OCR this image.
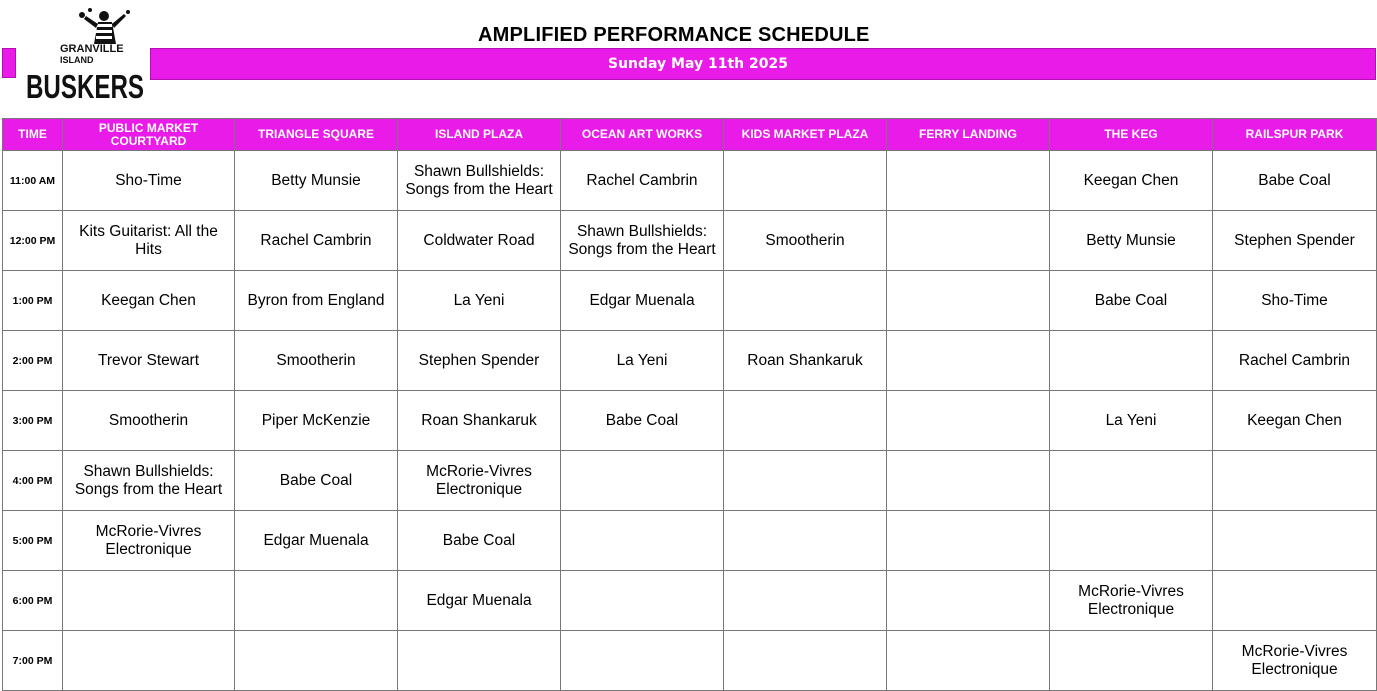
GRANVILLE
ISLAND
BUSKERS
AMPLIFIED PERFORMANCE SCHEDULE
Sunday May 11th 2025
TIME	PUBLIC MARKET COURTYARD	TRIANGLE SQUARE	ISLAND PLAZA	OCEAN ART WORKS	KIDS MARKET PLAZA	FERRY LANDING	THE KEG	RAILSPUR PARK
11:00 AM	Sho-Time	Betty Munsie	Shawn Bullshields: Songs from the Heart	Rachel Cambrin			Keegan Chen	Babe Coal
12:00 PM	Kits Guitarist: All the Hits	Rachel Cambrin	Coldwater Road	Shawn Bullshields: Songs from the Heart	Smootherin		Betty Munsie	Stephen Spender
1:00 PM	Keegan Chen	Byron from England	La Yeni	Edgar Muenala			Babe Coal	Sho-Time
2:00 PM	Trevor Stewart	Smootherin	Stephen Spender	La Yeni	Roan Shankaruk			Rachel Cambrin
3:00 PM	Smootherin	Piper McKenzie	Roan Shankaruk	Babe Coal			La Yeni	Keegan Chen
4:00 PM	Shawn Bullshields: Songs from the Heart	Babe Coal	McRorie-Vivres Electronique					
5:00 PM	McRorie-Vivres Electronique	Edgar Muenala	Babe Coal					
6:00 PM			Edgar Muenala				McRorie-Vivres Electronique	
7:00 PM								McRorie-Vivres Electronique
